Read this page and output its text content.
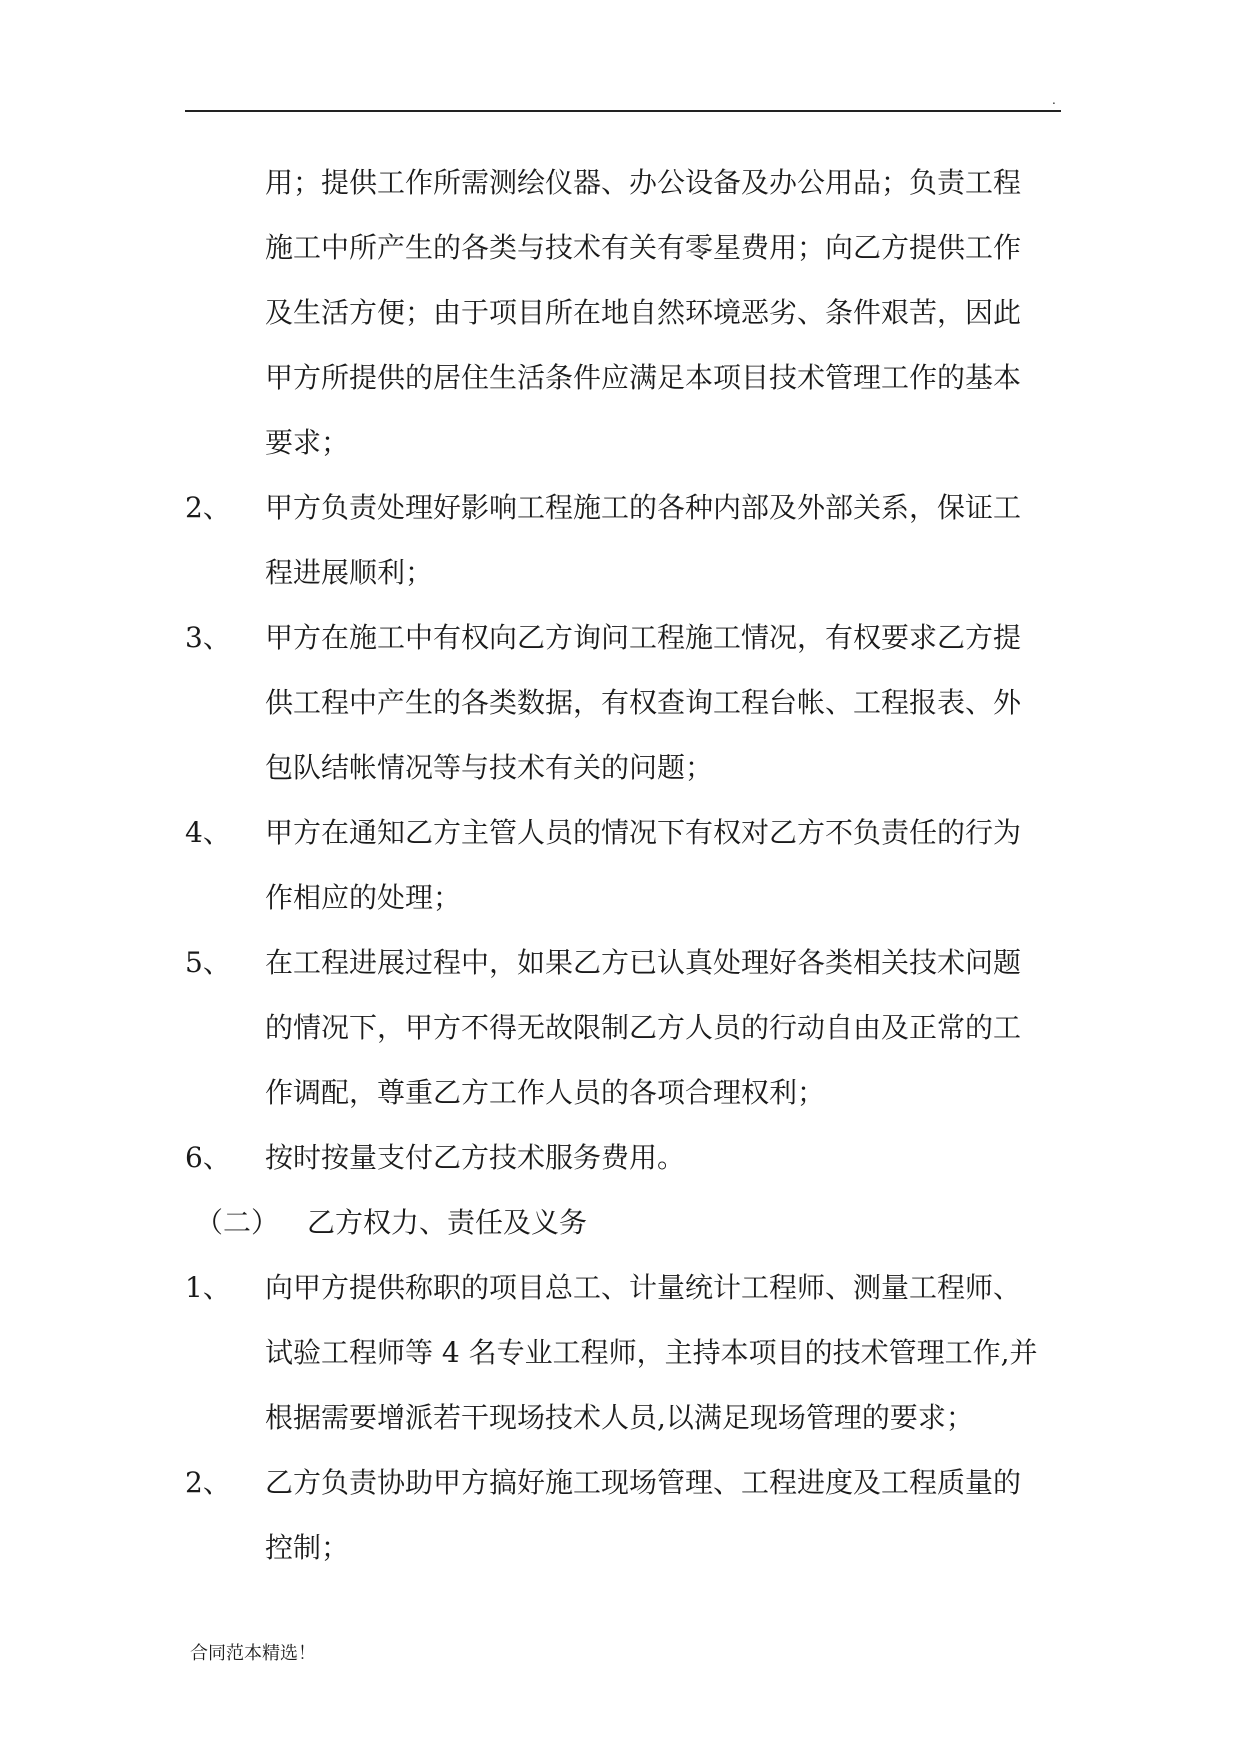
.
用；提供工作所需测绘仪器、办公设备及办公用品；负责工程
施工中所产生的各类与技术有关有零星费用；向乙方提供工作
及生活方便；由于项目所在地自然环境恶劣、条件艰苦，因此
甲方所提供的居住生活条件应满足本项目技术管理工作的基本
要求；
2、 甲方负责处理好影响工程施工的各种内部及外部关系，保证工
程进展顺利；
3、 甲方在施工中有权向乙方询问工程施工情况，有权要求乙方提
供工程中产生的各类数据，有权查询工程台帐、工程报表、外
包队结帐情况等与技术有关的问题；
4、 甲方在通知乙方主管人员的情况下有权对乙方不负责任的行为
作相应的处理；
5、 在工程进展过程中，如果乙方已认真处理好各类相关技术问题
的情况下，甲方不得无故限制乙方人员的行动自由及正常的工
作调配，尊重乙方工作人员的各项合理权利；
6、 按时按量支付乙方技术服务费用。
（二） 乙方权力、责任及义务
1、 向甲方提供称职的项目总工、计量统计工程师、测量工程师、
试验工程师等 4 名专业工程师，主持本项目的技术管理工作,并
根据需要增派若干现场技术人员,以满足现场管理的要求；
2、 乙方负责协助甲方搞好施工现场管理、工程进度及工程质量的
控制；
合同范本精选！
